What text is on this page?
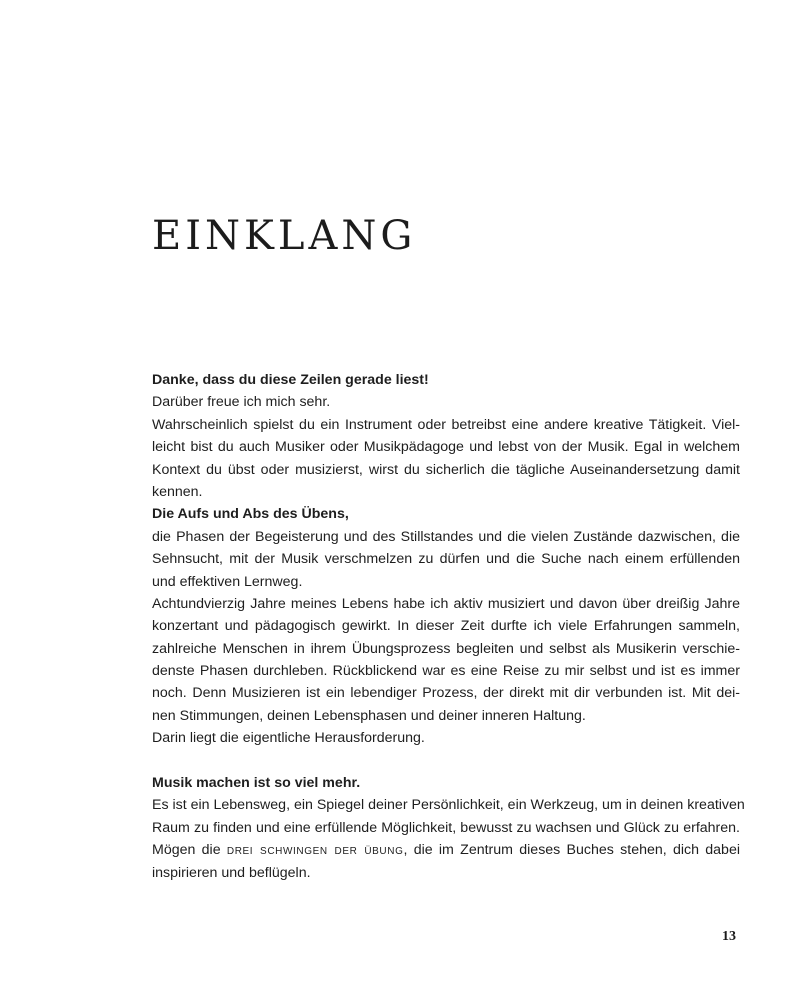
EINKLANG
Danke, dass du diese Zeilen gerade liest!
Darüber freue ich mich sehr.
Wahrscheinlich spielst du ein Instrument oder betreibst eine andere kreative Tätigkeit. Viel-
leicht bist du auch Musiker oder Musikpädagoge und lebst von der Musik. Egal in welchem
Kontext du übst oder musizierst, wirst du sicherlich die tägliche Auseinandersetzung damit
kennen.
Die Aufs und Abs des Übens,
die Phasen der Begeisterung und des Stillstandes und die vielen Zustände dazwischen, die
Sehnsucht, mit der Musik verschmelzen zu dürfen und die Suche nach einem erfüllenden
und effektiven Lernweg.
Achtundvierzig Jahre meines Lebens habe ich aktiv musiziert und davon über dreißig Jahre
konzertant und pädagogisch gewirkt. In dieser Zeit durfte ich viele Erfahrungen sammeln,
zahlreiche Menschen in ihrem Übungsprozess begleiten und selbst als Musikerin verschie-
denste Phasen durchleben. Rückblickend war es eine Reise zu mir selbst und ist es immer
noch. Denn Musizieren ist ein lebendiger Prozess, der direkt mit dir verbunden ist. Mit dei-
nen Stimmungen, deinen Lebensphasen und deiner inneren Haltung.
Darin liegt die eigentliche Herausforderung.
Musik machen ist so viel mehr.
Es ist ein Lebensweg, ein Spiegel deiner Persönlichkeit, ein Werkzeug, um in deinen kreativen
Raum zu finden und eine erfüllende Möglichkeit, bewusst zu wachsen und Glück zu erfahren.
Mögen die drei schwingen der übung, die im Zentrum dieses Buches stehen, dich dabei
inspirieren und beflügeln.
13
